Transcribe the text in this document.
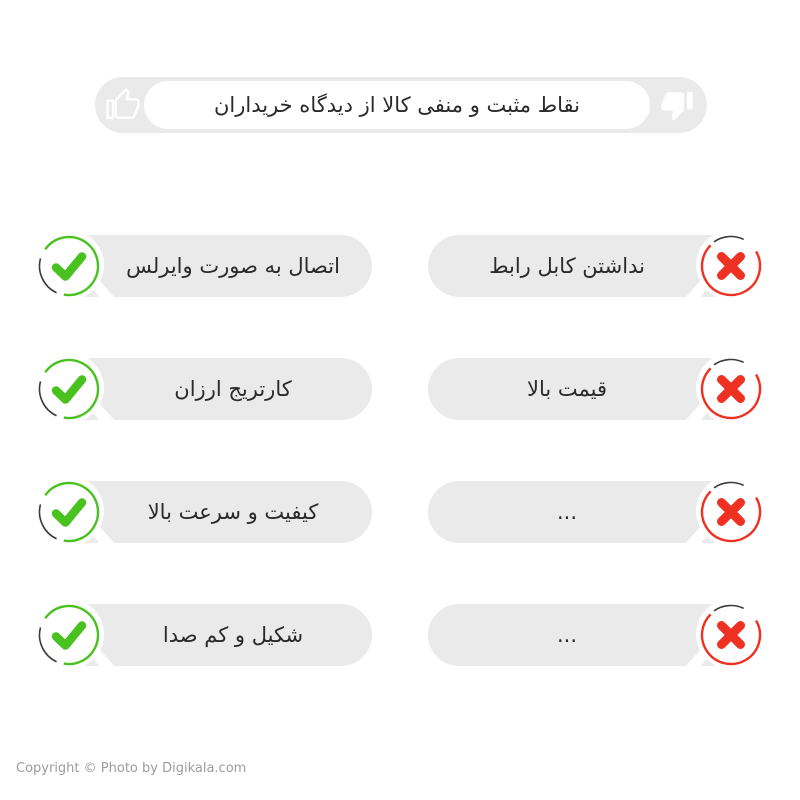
نقاط مثبت و منفی کالا از دیدگاه خریداران
اتصال به صورت وایرلس
کارتریج ارزان
کیفیت و سرعت بالا
شکیل و کم صدا
نداشتن کابل رابط
قیمت بالا
...
...
Copyright © Photo by Digikala.com
